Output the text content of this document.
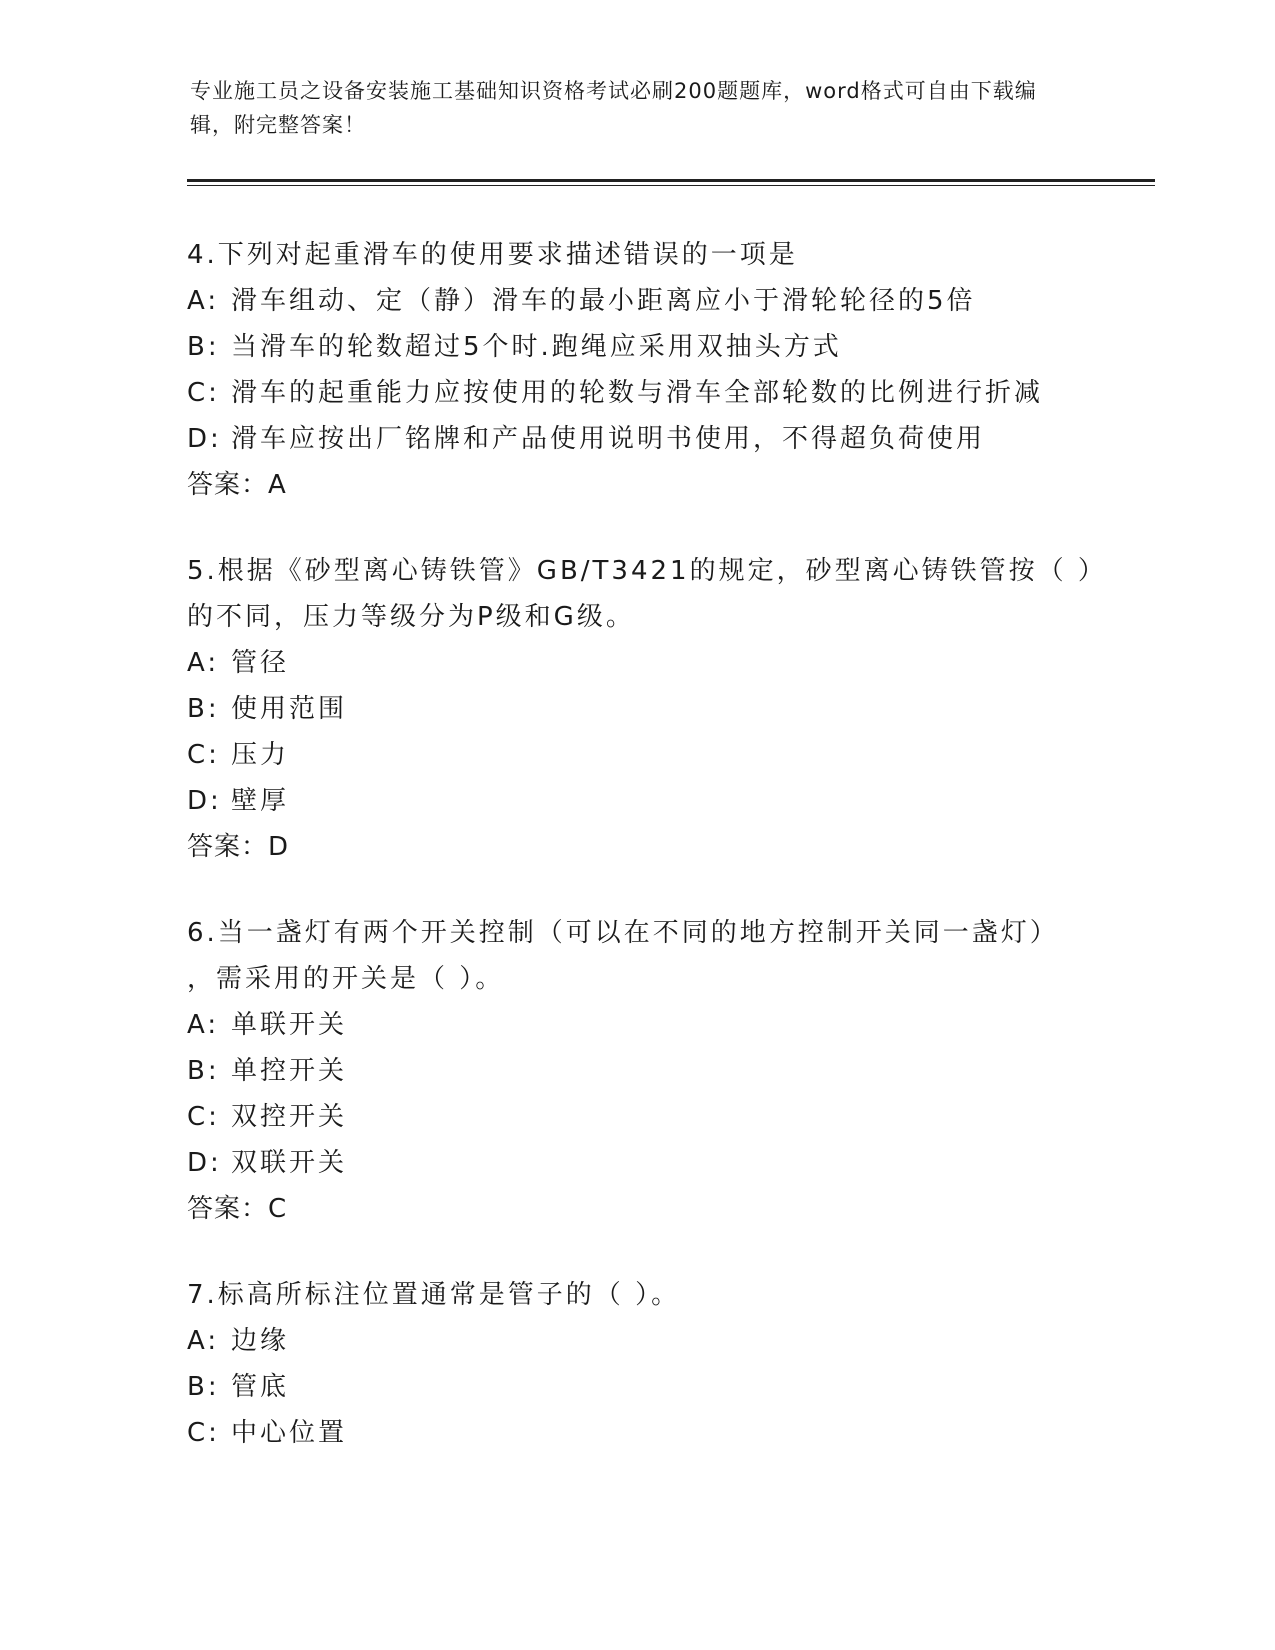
专业施工员之设备安装施工基础知识资格考试必刷200题题库，word格式可自由下载编辑，附完整答案！
4.下列对起重滑车的使用要求描述错误的一项是
A: 滑车组动、定（静）滑车的最小距离应小于滑轮轮径的5倍
B: 当滑车的轮数超过5个时.跑绳应采用双抽头方式
C: 滑车的起重能力应按使用的轮数与滑车全部轮数的比例进行折减
D: 滑车应按出厂铭牌和产品使用说明书使用，不得超负荷使用
答案：A
5.根据《砂型离心铸铁管》GB/T3421的规定，砂型离心铸铁管按（ ）
的不同，压力等级分为P级和G级。
A: 管径
B: 使用范围
C: 压力
D: 壁厚
答案：D
6.当一盏灯有两个开关控制（可以在不同的地方控制开关同一盏灯）
，需采用的开关是（ ）。
A: 单联开关
B: 单控开关
C: 双控开关
D: 双联开关
答案：C
7.标高所标注位置通常是管子的（ ）。
A: 边缘
B: 管底
C: 中心位置
